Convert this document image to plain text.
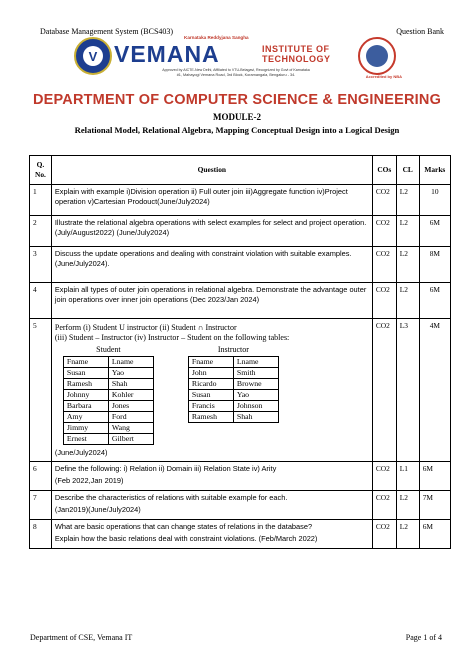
Database Management System (BCS403)	Question Bank
V
Karnataka Reddyjana Sangha
VEMANA	INSTITUTE OF
TECHNOLOGY
Approved by AICTE-New Delhi, Affiliated to VTU-Belagavi, Recognized by Govt of Karnataka
#1, Mahayogi Vemana Road, 3rd Block, Koramangala, Bengaluru - 34.	Accredited by NBA
DEPARTMENT OF COMPUTER SCIENCE & ENGINEERING
MODULE-2
Relational Model, Relational Algebra, Mapping Conceptual Design into a Logical Design
Q.
No.	Question	COs	CL	Marks
1	Explain with example i)Division operation ii) Full outer join iii)Aggregate function iv)Project operation v)Cartesian Prodouct(June/July2024)	CO2	L2	10
2	Illustrate the relational algebra operations with select examples for select and project operation. (July/August2022) (June/July2024)	CO2	L2	6M
3	Discuss the update operations and dealing with constraint violation with suitable examples. (June/July2024).	CO2	L2	8M
4	Explain all types of outer join operations in relational algebra. Demonstrate the advantage outer join operations over inner join operations (Dec 2023/Jan 2024)	CO2	L2	6M
5	Perform (i) Student U instructor (ii) Student ∩ Instructor
(iii) Student – Instructor (iv) Instructor – Student on the following tables:
Student
Fname	Lname
Susan	Yao
Ramesh	Shah
Johnny	Kohler
Barbara	Jones
Amy	Ford
Jimmy	Wang
Ernest	Gilbert
Instructor
Fname	Lname
John	Smith
Ricardo	Browne
Susan	Yao
Francis	Johnson
Ramesh	Shah
(June/July2024)
	CO2	L3	4M
6	Define the following: i) Relation ii) Domain iii) Relation State iv) Arity

(Feb 2022,Jan 2019)

	CO2	L1	6M
7	Describe the characteristics of relations with suitable example for each.

(Jan2019)(June/July2024)

	CO2	L2	7M
8	What are basic operations that can change states of relations in the database?

Explain how the basic relations deal with constraint violations. (Feb/March 2022)

	CO2	L2	6M
Department of CSE, Vemana IT	Page 1 of 4
